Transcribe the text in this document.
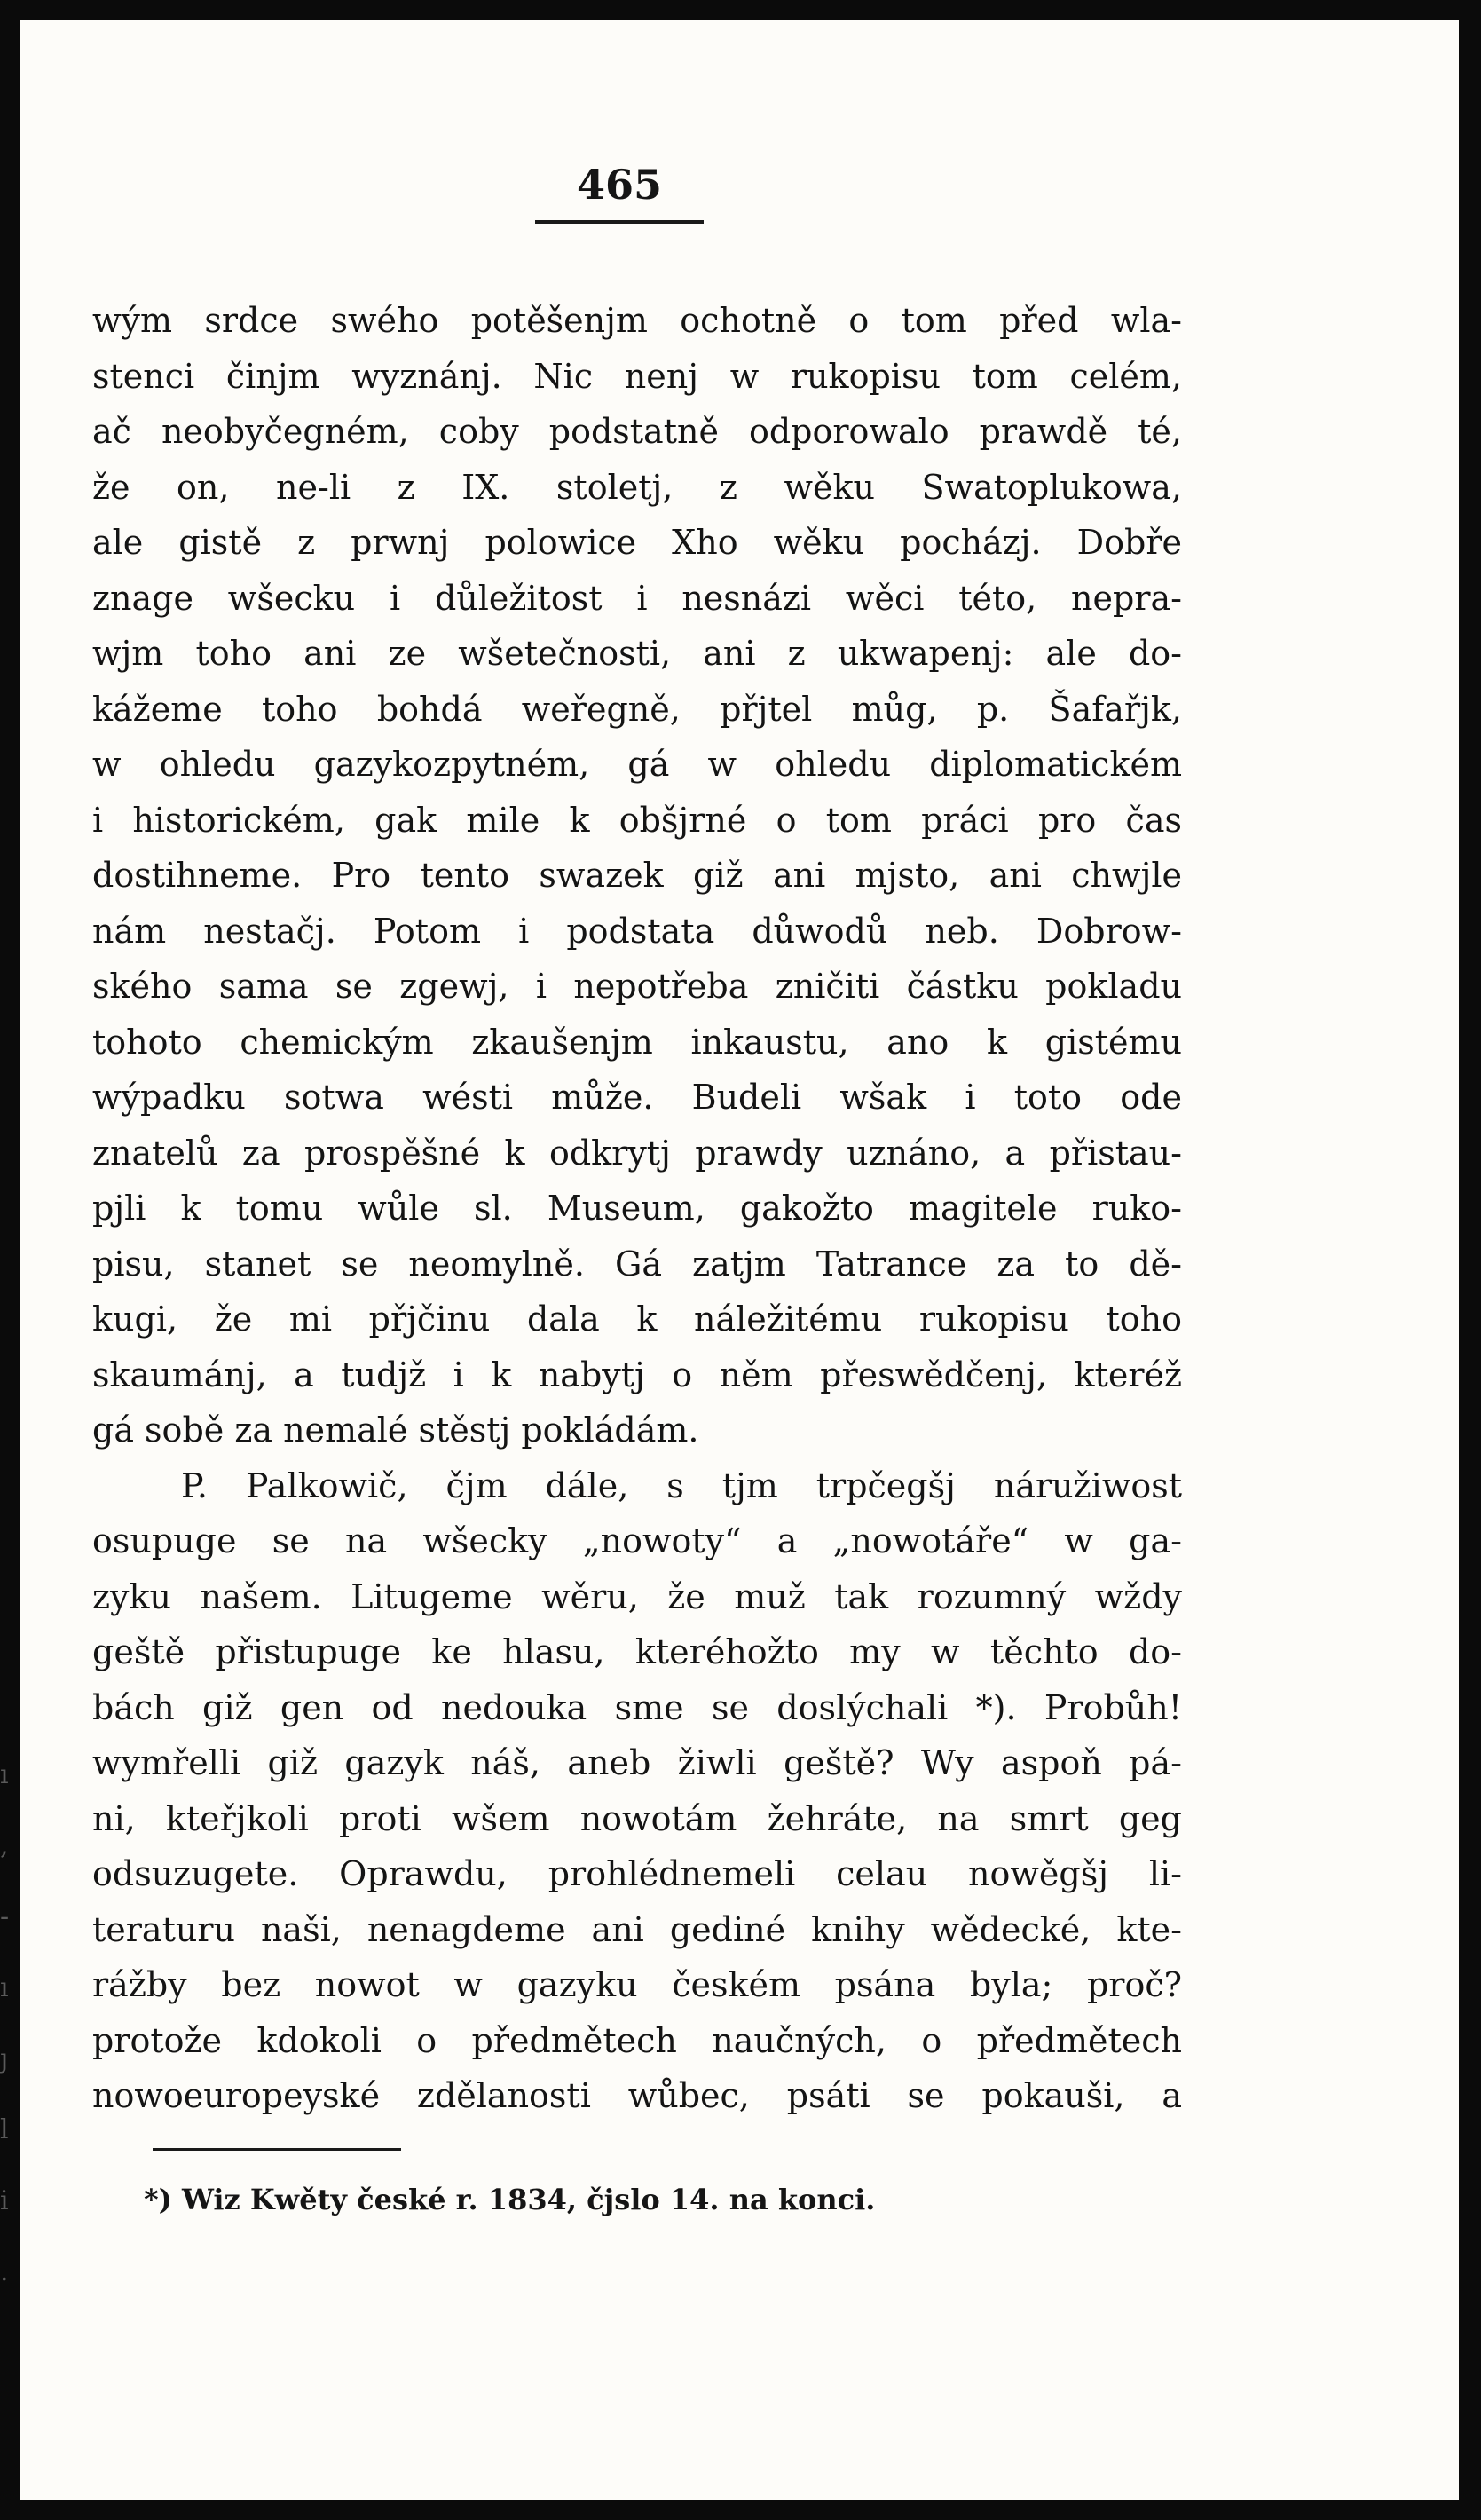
465
wým srdce swého potěšenjm ochotně o tom před wla-
stenci činjm wyznánj. Nic nenj w rukopisu tom celém,
ač neobyčegném, coby podstatně odporowalo prawdě té,
že on, ne-li z IX. stoletj, z wěku Swatoplukowa,
ale gistě z prwnj polowice Xho wěku pocházj. Dobře
znage wšecku i důležitost i nesnázi wěci této, nepra-
wjm toho ani ze wšetečnosti, ani z ukwapenj: ale do-
kážeme toho bohdá weřegně, přjtel můg, p. Šafařjk,
w ohledu gazykozpytném, gá w ohledu diplomatickém
i historickém, gak mile k obšjrné o tom práci pro čas
dostihneme. Pro tento swazek giž ani mjsto, ani chwjle
nám nestačj. Potom i podstata důwodů neb. Dobrow-
ského sama se zgewj, i nepotřeba zničiti částku pokladu
tohoto chemickým zkaušenjm inkaustu, ano k gistému
wýpadku sotwa wésti může. Budeli wšak i toto ode
znatelů za prospěšné k odkrytj prawdy uznáno, a přistau-
pjli k tomu wůle sl. Museum, gakožto magitele ruko-
pisu, stanet se neomylně. Gá zatjm Tatrance za to dě-
kugi, že mi přjčinu dala k náležitému rukopisu toho
skaumánj, a tudjž i k nabytj o něm přeswědčenj, kteréž
gá sobě za nemalé stěstj pokládám.
P. Palkowič, čjm dále, s tjm trpčegšj náružiwost
osupuge se na wšecky „nowoty“ a „nowotáře“ w ga-
zyku našem. Litugeme wěru, že muž tak rozumný wždy
geště přistupuge ke hlasu, kteréhožto my w těchto do-
bách giž gen od nedouka sme se doslýchali *). Probůh!
wymřelli giž gazyk náš, aneb žiwli geště? Wy aspoň pá-
ni, kteřjkoli proti wšem nowotám žehráte, na smrt geg
odsuzugete. Oprawdu, prohlédnemeli celau nowěgšj li-
teraturu naši, nenagdeme ani gediné knihy wědecké, kte-
rážby bez nowot w gazyku českém psána byla; proč?
protože kdokoli o předmětech naučných, o předmětech
nowoeuropeyské zdělanosti wůbec, psáti se pokauši, a
*) Wiz Kwěty české r. 1834, čjslo 14. na konci.
ı
,
-
ı
ȷ
l
i
.
